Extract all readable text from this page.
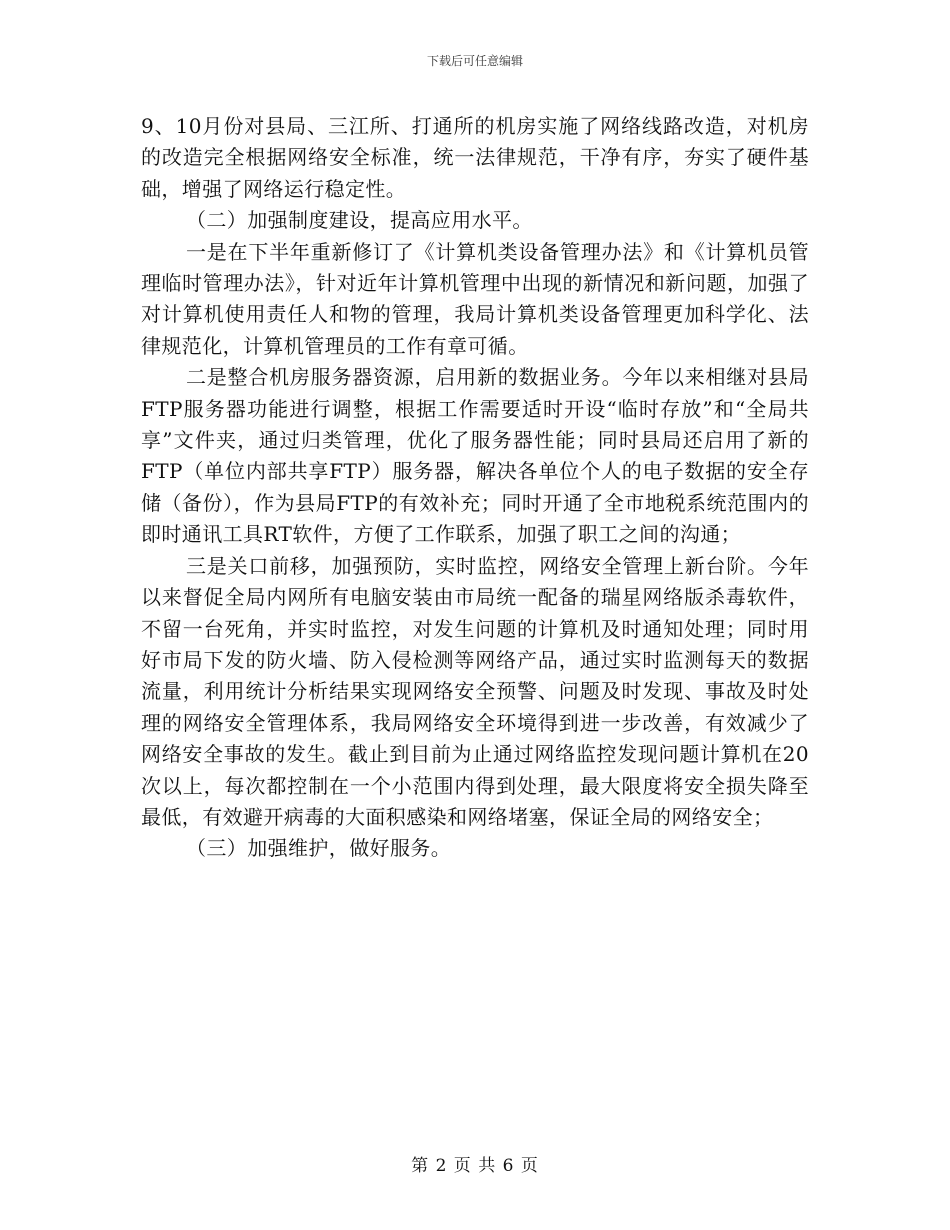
下载后可任意编辑

9、10月份对县局、三江所、打通所的机房实施了网络线路改造，对机房的改造完全根据网络安全标准，统一法律规范，干净有序，夯实了硬件基础，增强了网络运行稳定性。

（二）加强制度建设，提高应用水平。

一是在下半年重新修订了《计算机类设备管理办法》和《计算机员管理临时管理办法》，针对近年计算机管理中出现的新情况和新问题，加强了对计算机使用责任人和物的管理，我局计算机类设备管理更加科学化、法律规范化，计算机管理员的工作有章可循。

二是整合机房服务器资源，启用新的数据业务。今年以来相继对县局FTP服务器功能进行调整，根据工作需要适时开设“临时存放”和“全局共享”文件夹，通过归类管理，优化了服务器性能；同时县局还启用了新的FTP（单位内部共享FTP）服务器，解决各单位个人的电子数据的安全存储（备份），作为县局FTP的有效补充；同时开通了全市地税系统范围内的即时通讯工具RT软件，方便了工作联系，加强了职工之间的沟通；

三是关口前移，加强预防，实时监控，网络安全管理上新台阶。今年以来督促全局内网所有电脑安装由市局统一配备的瑞星网络版杀毒软件，不留一台死角，并实时监控，对发生问题的计算机及时通知处理；同时用好市局下发的防火墙、防入侵检测等网络产品，通过实时监测每天的数据流量，利用统计分析结果实现网络安全预警、问题及时发现、事故及时处理的网络安全管理体系，我局网络安全环境得到进一步改善，有效减少了网络安全事故的发生。截止到目前为止通过网络监控发现问题计算机在20次以上，每次都控制在一个小范围内得到处理，最大限度将安全损失降至最低，有效避开病毒的大面积感染和网络堵塞，保证全局的网络安全；

（三）加强维护，做好服务。

第 2 页 共 6 页
